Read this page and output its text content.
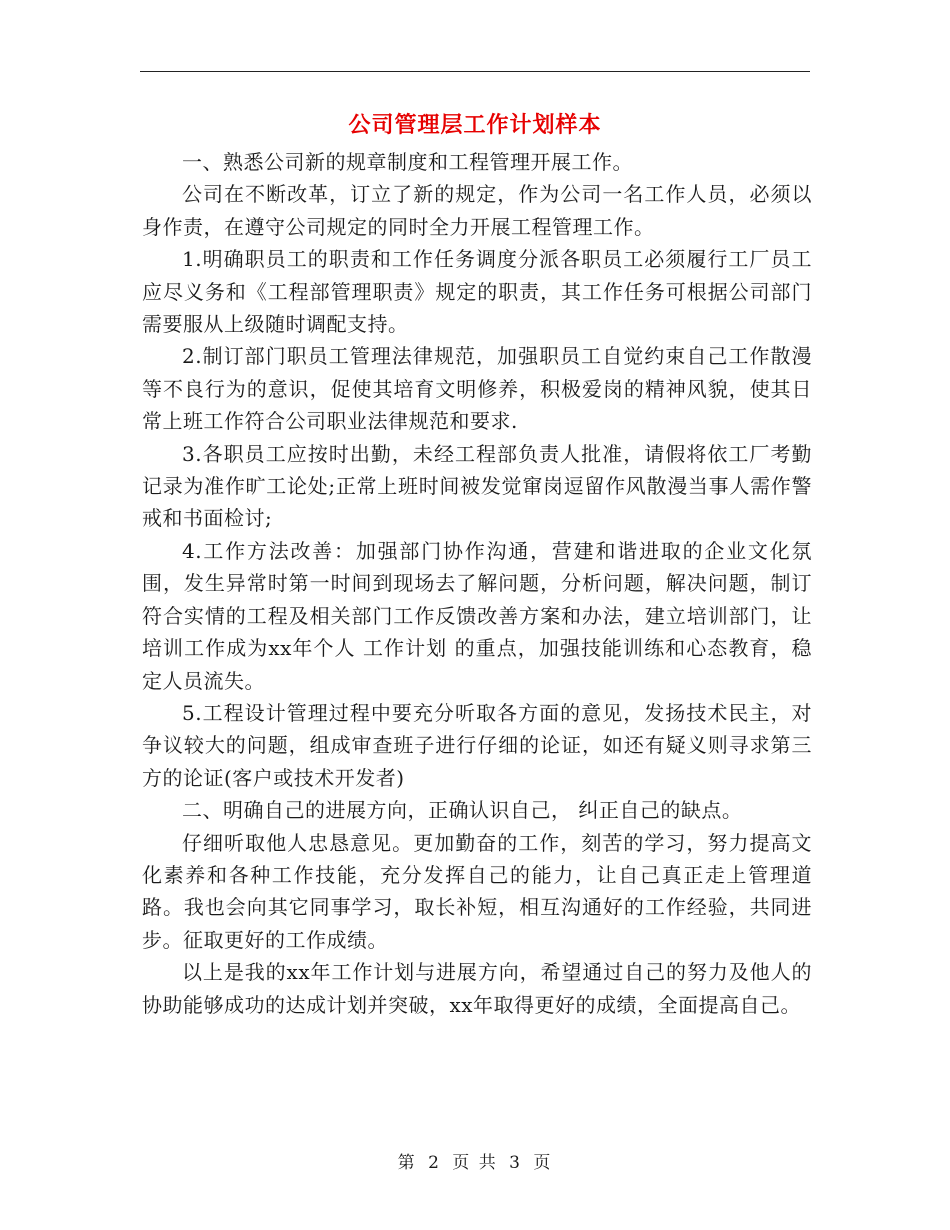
公司管理层工作计划样本

一、熟悉公司新的规章制度和工程管理开展工作。

公司在不断改革，订立了新的规定，作为公司一名工作人员，必须以身作责，在遵守公司规定的同时全力开展工程管理工作。

1.明确职员工的职责和工作任务调度分派各职员工必须履行工厂员工应尽义务和《工程部管理职责》规定的职责，其工作任务可根据公司部门需要服从上级随时调配支持。

2.制订部门职员工管理法律规范，加强职员工自觉约束自己工作散漫等不良行为的意识，促使其培育文明修养，积极爱岗的精神风貌，使其日常上班工作符合公司职业法律规范和要求.

3.各职员工应按时出勤，未经工程部负责人批准，请假将依工厂考勤记录为准作旷工论处;正常上班时间被发觉窜岗逗留作风散漫当事人需作警戒和书面检讨;

4.工作方法改善：加强部门协作沟通，营建和谐进取的企业文化氛围，发生异常时第一时间到现场去了解问题，分析问题，解决问题，制订符合实情的工程及相关部门工作反馈改善方案和办法，建立培训部门，让培训工作成为xx年个人 工作计划 的重点，加强技能训练和心态教育，稳定人员流失。

5.工程设计管理过程中要充分听取各方面的意见，发扬技术民主，对争议较大的问题，组成审查班子进行仔细的论证，如还有疑义则寻求第三方的论证(客户或技术开发者)

二、明确自己的进展方向，正确认识自己， 纠正自己的缺点。

仔细听取他人忠恳意见。更加勤奋的工作，刻苦的学习，努力提高文化素养和各种工作技能，充分发挥自己的能力，让自己真正走上管理道路。我也会向其它同事学习，取长补短，相互沟通好的工作经验，共同进步。征取更好的工作成绩。

以上是我的xx年工作计划与进展方向，希望通过自己的努力及他人的协助能够成功的达成计划并突破，xx年取得更好的成绩，全面提高自己。

第 2 页 共 3 页
